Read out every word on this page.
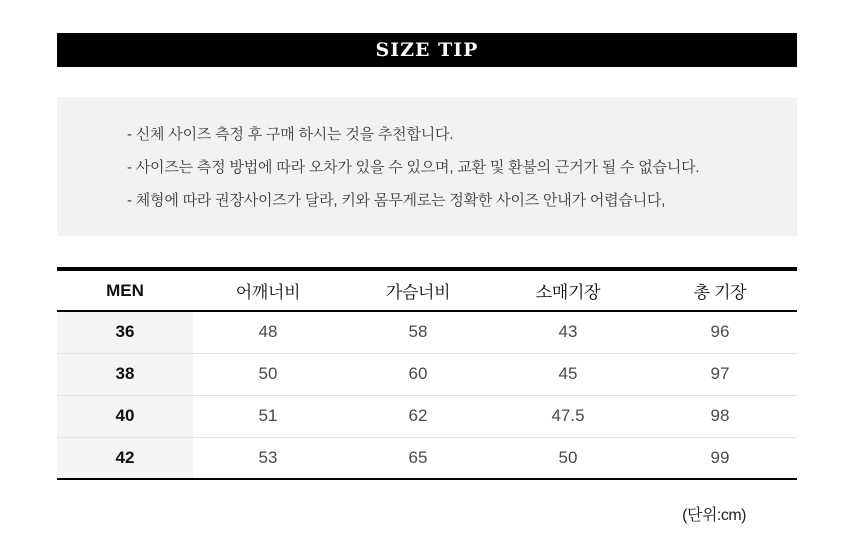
SIZE TIP

- 신체 사이즈 측정 후 구매 하시는 것을 추천합니다.

- 사이즈는 측정 방법에 따라 오차가 있을 수 있으며, 교환 및 환불의 근거가 될 수 없습니다.

- 체형에 따라 권장사이즈가 달라, 키와 몸무게로는 정확한 사이즈 안내가 어렵습니다,

MEN	어깨너비	가슴너비	소매기장	총 기장
36	48	58	43	96
38	50	60	45	97
40	51	62	47.5	98
42	53	65	50	99
(단위:cm)
